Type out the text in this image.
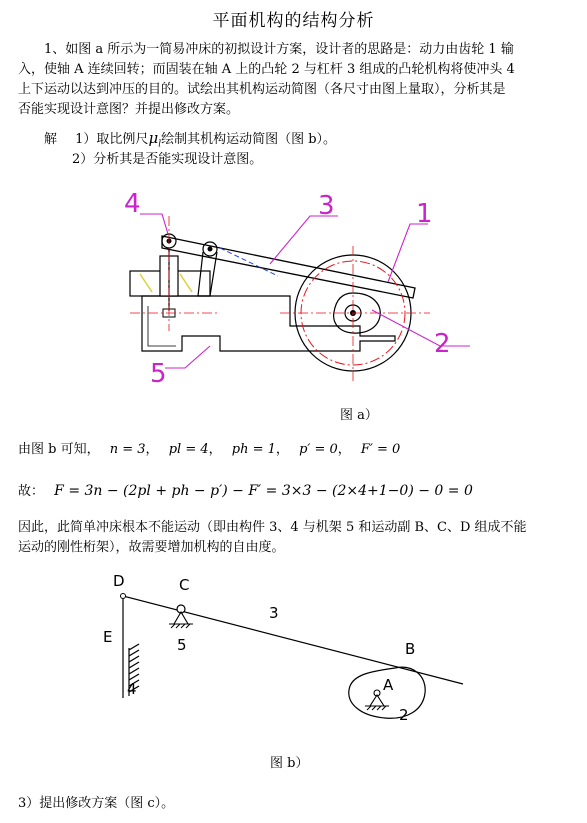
平面机构的结构分析
1、如图 a 所示为一简易冲床的初拟设计方案，设计者的思路是：动力由齿轮 1 输
入，使轴 A 连续回转；而固装在轴 A 上的凸轮 2 与杠杆 3 组成的凸轮机构将使冲头 4
上下运动以达到冲压的目的。试绘出其机构运动简图（各尺寸由图上量取），分析其是
否能实现设计意图？并提出修改方案。
解 1）取比例尺$\mu_l$绘制其机构运动简图（图 b）。
2）分析其是否能实现设计意图。
4	3	1
2
5
图 a）
由图 b 可知， n = 3， pl = 4， ph = 1， p′ = 0， F′ = 0
故： F = 3n − (2pl + ph − p′) − F′ = 3×3 − (2×4+1−0) − 0 = 0
因此，此简单冲床根本不能运动（即由构件 3、4 与机架 5 和运动副 B、C、D 组成不能
运动的刚性桁架），故需要增加机构的自由度。
D	C
5
3
E
4
B
A
2
图 b）
3）提出修改方案（图 c）。
